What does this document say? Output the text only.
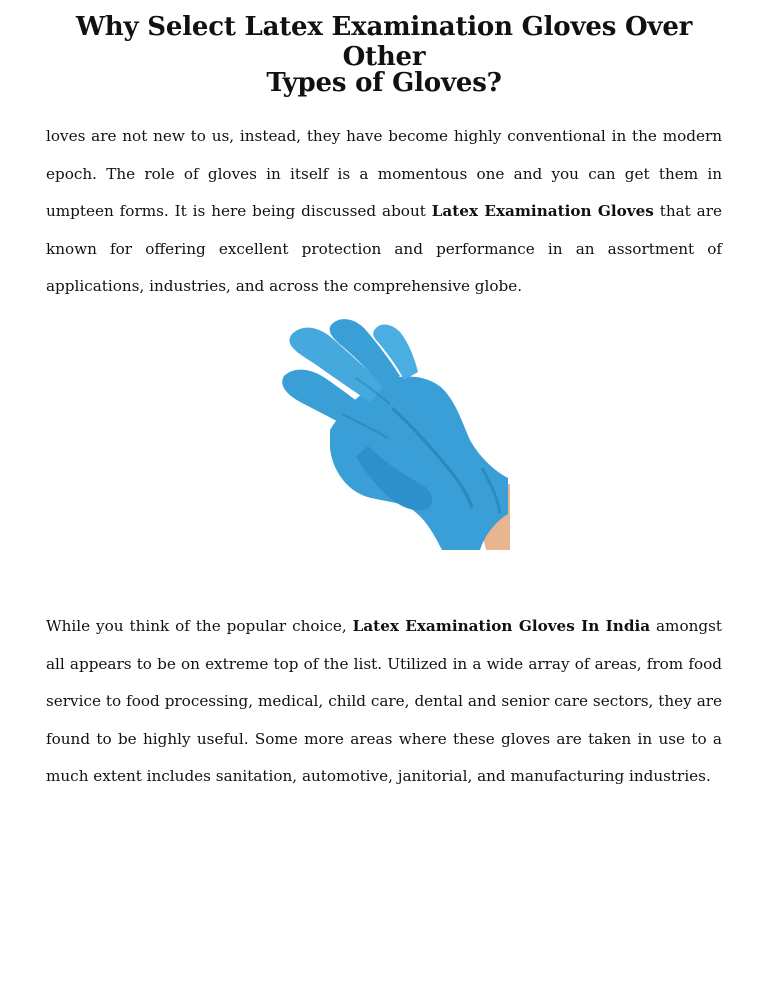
Why Select Latex Examination Gloves Over Other
Types of Gloves?

loves are not new to us, instead, they have become highly conventional in the modern epoch. The role of gloves in itself is a momentous one and you can get them in umpteen forms. It is here being discussed about Latex Examination Gloves that are known for offering excellent protection and performance in an assortment of applications, industries, and across the comprehensive globe.

While you think of the popular choice, Latex Examination Gloves In India amongst all appears to be on extreme top of the list. Utilized in a wide array of areas, from food service to food processing, medical, child care, dental and senior care sectors, they are found to be highly useful. Some more areas where these gloves are taken in use to a much extent includes sanitation, automotive, janitorial, and manufacturing industries.
